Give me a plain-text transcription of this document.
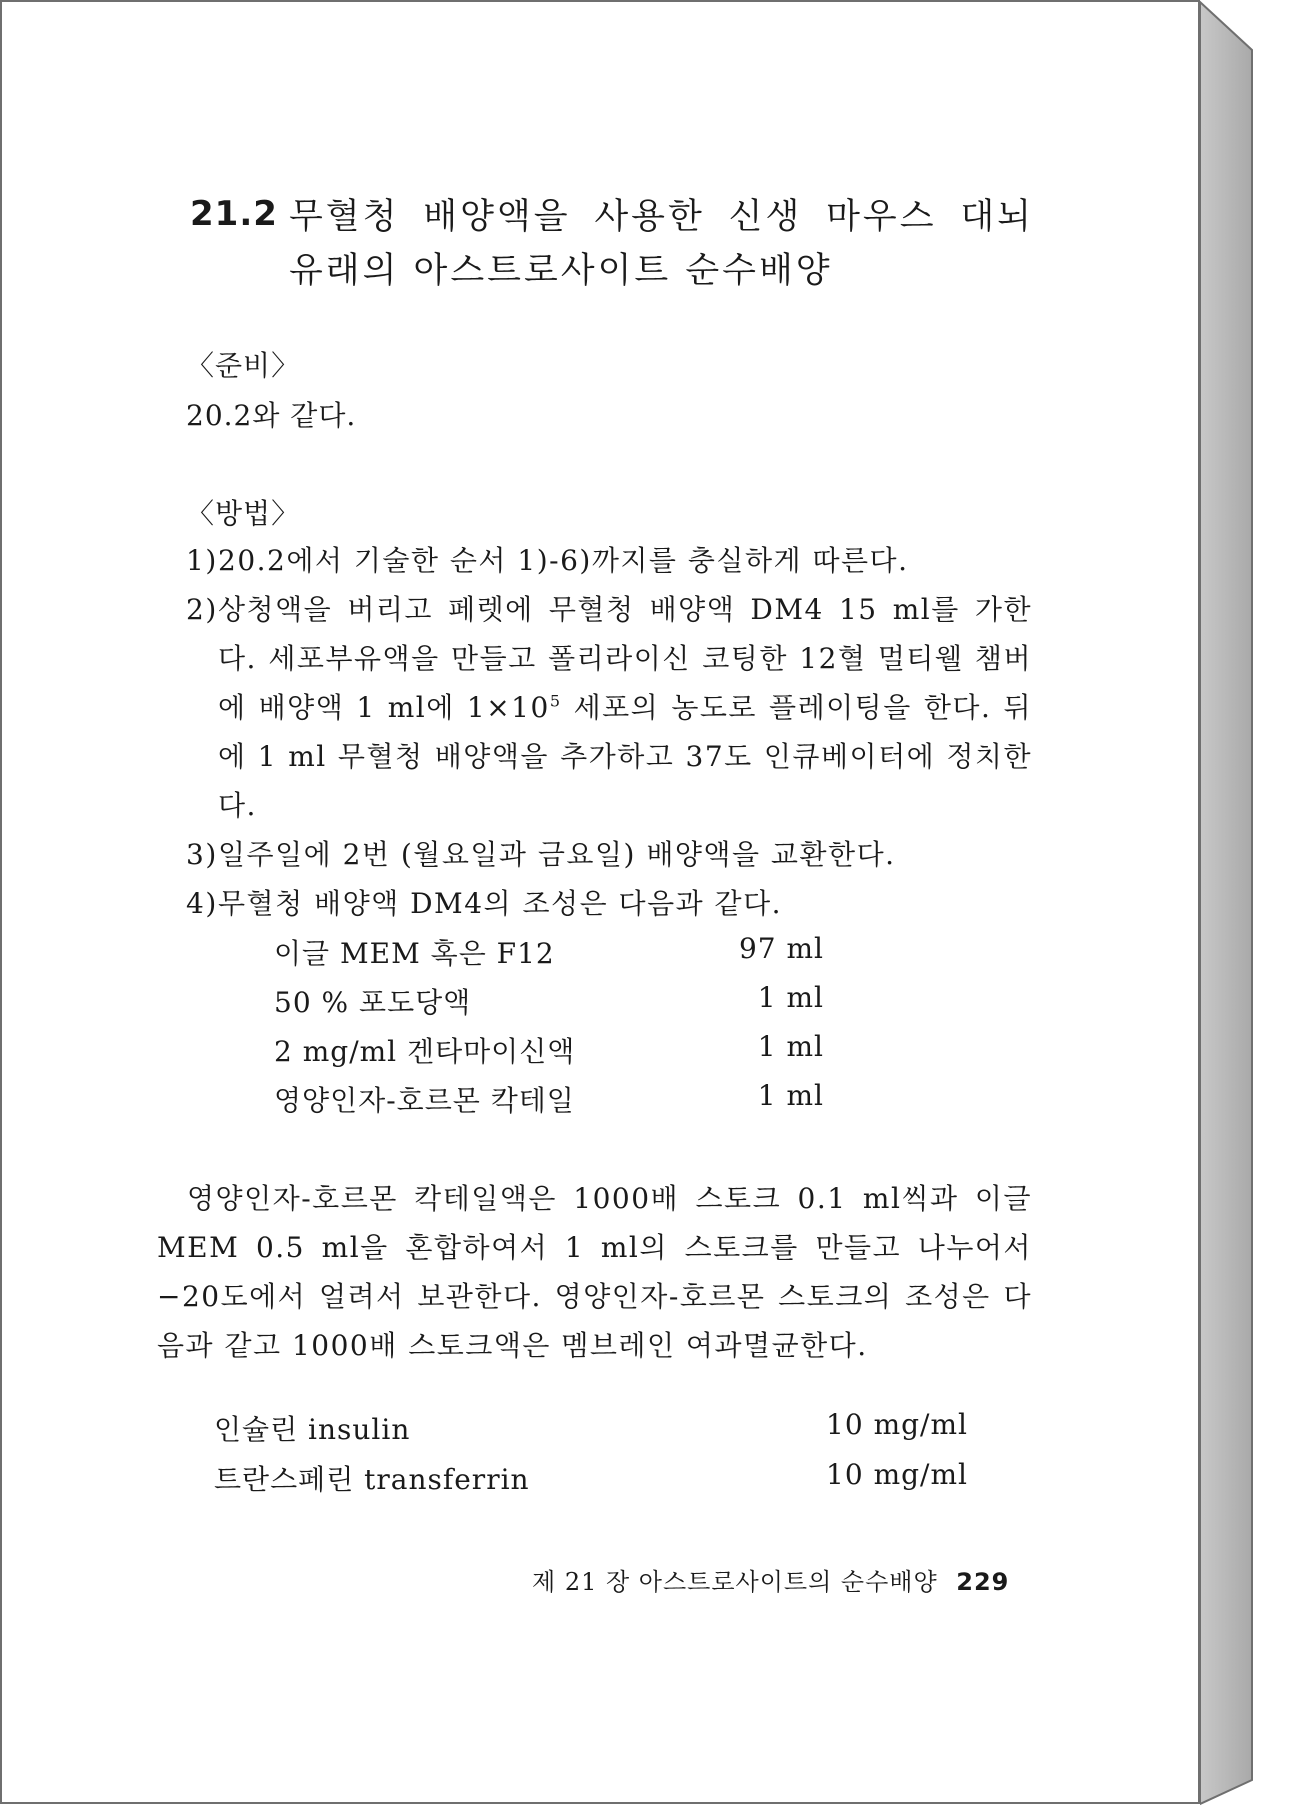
21.2 무혈청 배양액을 사용한 신생 마우스 대뇌 유래의 아스트로사이트 순수배양
〈준비〉
20.2와 같다.
〈방법〉
1) 20.2에서 기술한 순서 1)-6)까지를 충실하게 따른다.
2) 상청액을 버리고 페렛에 무혈청 배양액 DM4 15 ml를 가한다. 세포부유액을 만들고 폴리라이신 코팅한 12혈 멀티웰 챔버에 배양액 1 ml에 $1\times 10^5$ 세포의 농도로 플레이팅을 한다. 뒤에 1 ml 무혈청 배양액을 추가하고 37도 인큐베이터에 정치한다.
3) 일주일에 2번 (월요일과 금요일) 배양액을 교환한다.
4) 무혈청 배양액 DM4의 조성은 다음과 같다.
이글 MEM 혹은 F12	97 ml
50 % 포도당액	1 ml
2 mg/ml 겐타마이신액	1 ml
영양인자-호르몬 칵테일	1 ml
영양인자-호르몬 칵테일액은 1000배 스토크 0.1 ml씩과 이글 MEM 0.5 ml을 혼합하여서 1 ml의 스토크를 만들고 나누어서 −20도에서 얼려서 보관한다. 영양인자-호르몬 스토크의 조성은 다음과 같고 1000배 스토크액은 멤브레인 여과멸균한다.
인슐린 insulin	10 mg/ml
트란스페린 transferrin	10 mg/ml
제 21 장 아스트로사이트의 순수배양 229
